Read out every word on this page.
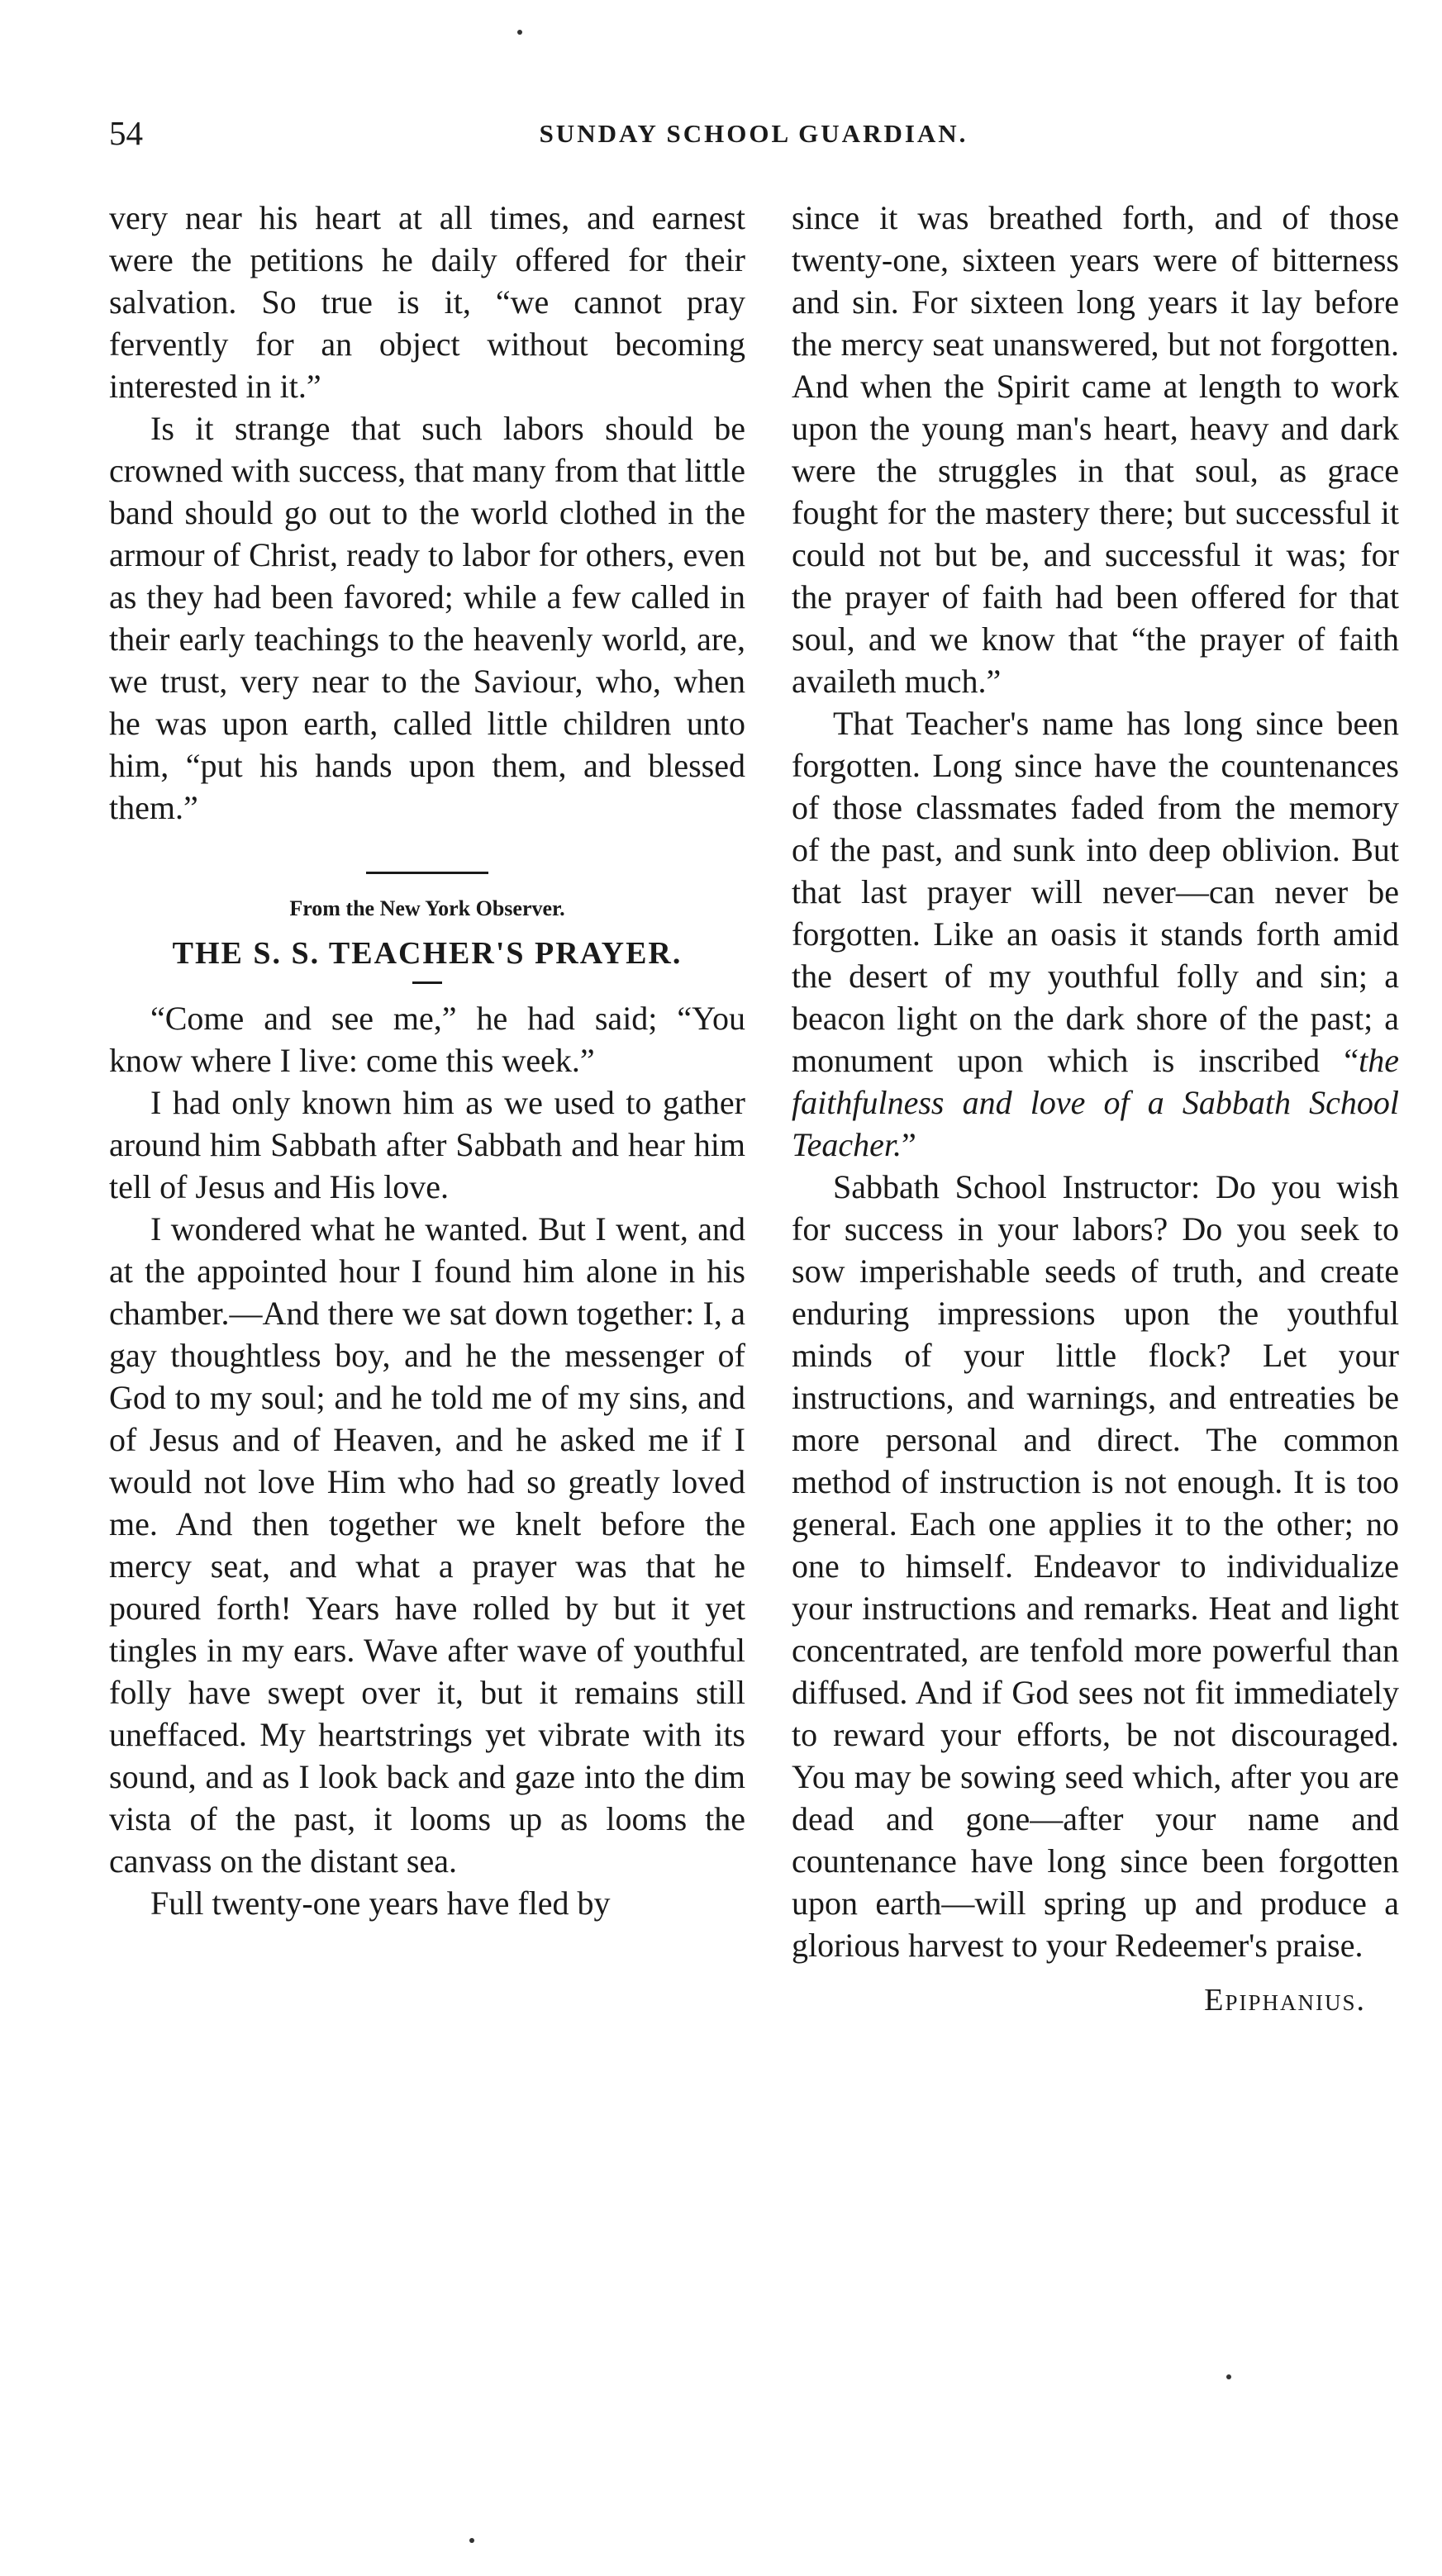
54	SUNDAY SCHOOL GUARDIAN.

very near his heart at all times, and earnest were the petitions he daily offered for their salvation. So true is it, “we cannot pray fervently for an object without becoming interested in it.”

Is it strange that such labors should be crowned with success, that many from that little band should go out to the world clothed in the armour of Christ, ready to labor for others, even as they had been favored; while a few called in their early teachings to the heavenly world, are, we trust, very near to the Saviour, who, when he was upon earth, called little children unto him, “put his hands upon them, and blessed them.”

From the New York Observer.
THE S. S. TEACHER'S PRAYER.

“Come and see me,” he had said; “You know where I live: come this week.”

I had only known him as we used to gather around him Sabbath after Sabbath and hear him tell of Jesus and His love.

I wondered what he wanted. But I went, and at the appointed hour I found him alone in his chamber.—And there we sat down together: I, a gay thoughtless boy, and he the messenger of God to my soul; and he told me of my sins, and of Jesus and of Heaven, and he asked me if I would not love Him who had so greatly loved me. And then together we knelt before the mercy seat, and what a prayer was that he poured forth! Years have rolled by but it yet tingles in my ears. Wave after wave of youthful folly have swept over it, but it remains still uneffaced. My heartstrings yet vibrate with its sound, and as I look back and gaze into the dim vista of the past, it looms up as looms the canvass on the distant sea.

Full twenty-one years have fled by

since it was breathed forth, and of those twenty-one, sixteen years were of bitterness and sin. For sixteen long years it lay before the mercy seat unanswered, but not forgotten. And when the Spirit came at length to work upon the young man's heart, heavy and dark were the struggles in that soul, as grace fought for the mastery there; but successful it could not but be, and successful it was; for the prayer of faith had been offered for that soul, and we know that “the prayer of faith availeth much.”

That Teacher's name has long since been forgotten. Long since have the countenances of those classmates faded from the memory of the past, and sunk into deep oblivion. But that last prayer will never—can never be forgotten. Like an oasis it stands forth amid the desert of my youthful folly and sin; a beacon light on the dark shore of the past; a monument upon which is inscribed “the faithfulness and love of a Sabbath School Teacher.”

Sabbath School Instructor: Do you wish for success in your labors? Do you seek to sow imperishable seeds of truth, and create enduring impressions upon the youthful minds of your little flock? Let your instructions, and warnings, and entreaties be more personal and direct. The common method of instruction is not enough. It is too general. Each one applies it to the other; no one to himself. Endeavor to individualize your instructions and remarks. Heat and light concentrated, are tenfold more powerful than diffused. And if God sees not fit immediately to reward your efforts, be not discouraged. You may be sowing seed which, after you are dead and gone—after your name and countenance have long since been forgotten upon earth—will spring up and produce a glorious harvest to your Redeemer's praise.

Epiphanius.
